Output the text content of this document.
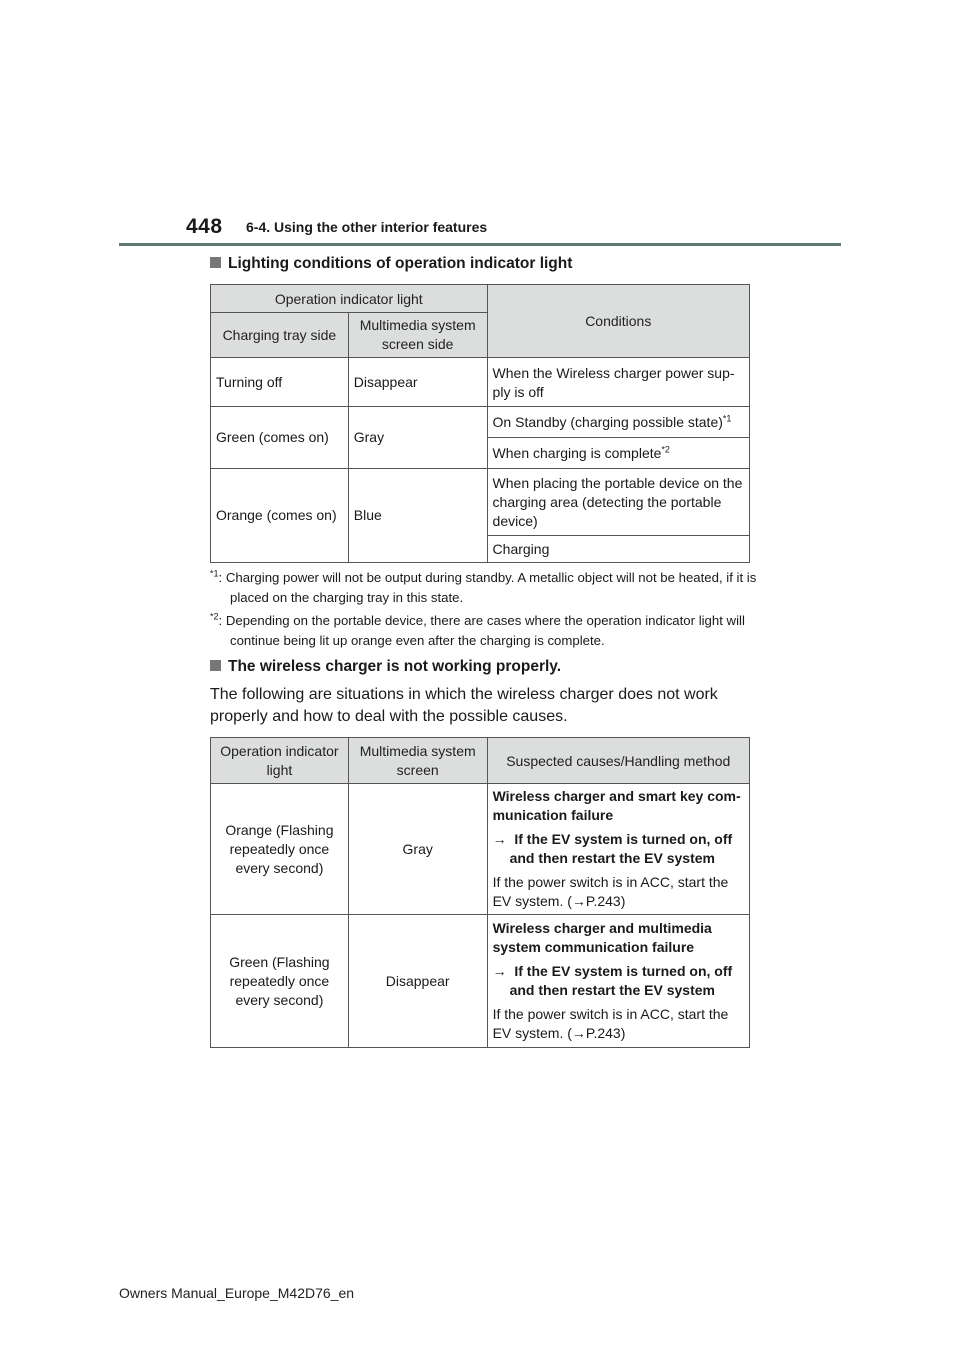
448 6-4. Using the other interior features
Lighting conditions of operation indicator light
Operation indicator light		Conditions
Charging tray side	Multimedia system screen side	
Turning off	Disappear	When the Wireless charger power sup-ply is off
Green (comes on)	Gray	On Standby (charging possible state)$^{*1}$
		When charging is complete$^{*2}$
Orange (comes on)	Blue	When placing the portable device on the charging area (detecting the portable device)
		Charging
$^{*1}$: Charging power will not be output during standby. A metallic object will not be heated, if it is placed on the charging tray in this state.
$^{*2}$: Depending on the portable device, there are cases where the operation indicator light will continue being lit up orange even after the charging is complete.
The wireless charger is not working properly.
The following are situations in which the wireless charger does not work properly and how to deal with the possible causes.
Operation indicator light	Multimedia system screen	Suspected causes/Handling method
Orange (Flashing repeatedly once every second)	Gray	Wireless charger and smart key com-munication failure

→ If the EV system is turned on, off and then restart the EV system

If the power switch is in ACC, start the EV system. (→P.243)

Green (Flashing repeatedly once every second)	Disappear	Wireless charger and multimedia system communication failure

→ If the EV system is turned on, off and then restart the EV system

If the power switch is in ACC, start the EV system. (→P.243)

Owners Manual_Europe_M42D76_en
